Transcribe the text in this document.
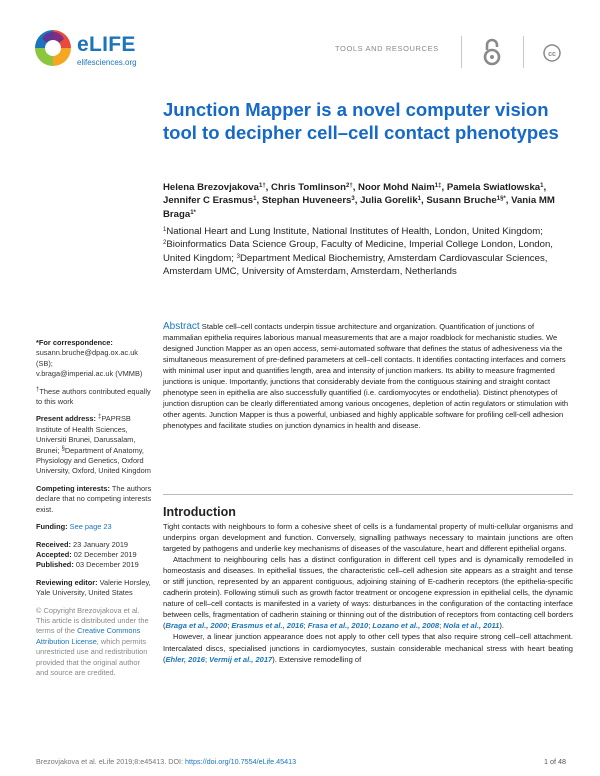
eLIFE
elifesciences.org
TOOLS AND RESOURCES
cc
Junction Mapper is a novel computer vision tool to decipher cell–cell contact phenotypes
Helena Brezovjakova$^{1\dagger}$, Chris Tomlinson$^{2\dagger}$, Noor Mohd Naim$^{1\ddagger}$, Pamela Swiatlowska$^1$, Jennifer C Erasmus$^1$, Stephan Huveneers$^3$, Julia Gorelik$^1$, Susann Bruche$^{1\S*}$, Vania MM Braga$^{1*}$
$^1$National Heart and Lung Institute, National Institutes of Health, London, United Kingdom; $^2$Bioinformatics Data Science Group, Faculty of Medicine, Imperial College London, London, United Kingdom; $^3$Department Medical Biochemistry, Amsterdam Cardiovascular Sciences, Amsterdam UMC, University of Amsterdam, Amsterdam, Netherlands
*For correspondence:
susann.bruche@dpag.ox.ac.uk
(SB);
v.braga@imperial.ac.uk (VMMB)
†These authors contributed equally to this work
Present address: ‡PAPRSB Institute of Health Sciences, Universiti Brunei, Darussalam, Brunei; §Department of Anatomy, Physiology and Genetics, Oxford University, Oxford, United Kingdom
Competing interests: The authors declare that no competing interests exist.
Funding: See page 23
Received: 23 January 2019
Accepted: 02 December 2019
Published: 03 December 2019
Reviewing editor: Valerie Horsley, Yale University, United States
© Copyright Brezovjakova et al. This article is distributed under the terms of the Creative Commons Attribution License, which permits unrestricted use and redistribution provided that the original author and source are credited.
Abstract Stable cell–cell contacts underpin tissue architecture and organization. Quantification of junctions of mammalian epithelia requires laborious manual measurements that are a major roadblock for mechanistic studies. We designed Junction Mapper as an open access, semi-automated software that defines the status of adhesiveness via the simultaneous measurement of pre-defined parameters at cell–cell contacts. It identifies contacting interfaces and corners with minimal user input and quantifies length, area and intensity of junction markers. Its ability to measure fragmented junctions is unique. Importantly, junctions that considerably deviate from the contiguous staining and straight contact phenotype seen in epithelia are also successfully quantified (i.e. cardiomyocytes or endothelia). Distinct phenotypes of junction disruption can be clearly differentiated among various oncogenes, depletion of actin regulators or stimulation with other agents. Junction Mapper is thus a powerful, unbiased and highly applicable software for profiling cell-cell adhesion phenotypes and facilitate studies on junction dynamics in health and disease.
Introduction

Tight contacts with neighbours to form a cohesive sheet of cells is a fundamental property of multi-cellular organisms and underpins organ development and function. Conversely, signalling pathways necessary to maintain junctions are often targeted by pathogens and underlie key mechanisms of diseases of the vasculature, heart and different epithelial organs.

Attachment to neighbouring cells has a distinct configuration in different cell types and is dynamically remodelled in homeostasis and diseases. In epithelial tissues, the characteristic cell–cell adhesion site appears as a straight and tense or stiff junction, represented by an apparent contiguous, adjoining staining of E-cadherin receptors (the epithelia-specific cadherin protein). Following stimuli such as growth factor treatment or oncogene expression in epithelial cells, the dynamic nature of cell–cell contacts is manifested in a variety of ways: disturbances in the configuration of the contacting interface between cells, fragmentation of cadherin staining or thinning out of the distribution of receptors from contacting cell borders (Braga et al., 2000; Erasmus et al., 2016; Frasa et al., 2010; Lozano et al., 2008; Nola et al., 2011).

However, a linear junction appearance does not apply to other cell types that also require strong cell–cell attachment. Intercalated discs, specialised junctions in cardiomyocytes, sustain considerable mechanical stress with heart beating (Ehler, 2016; Vermij et al., 2017). Extensive remodelling of

Brezovjakova et al. eLife 2019;8:e45413. DOI: https://doi.org/10.7554/eLife.45413	1 of 48
